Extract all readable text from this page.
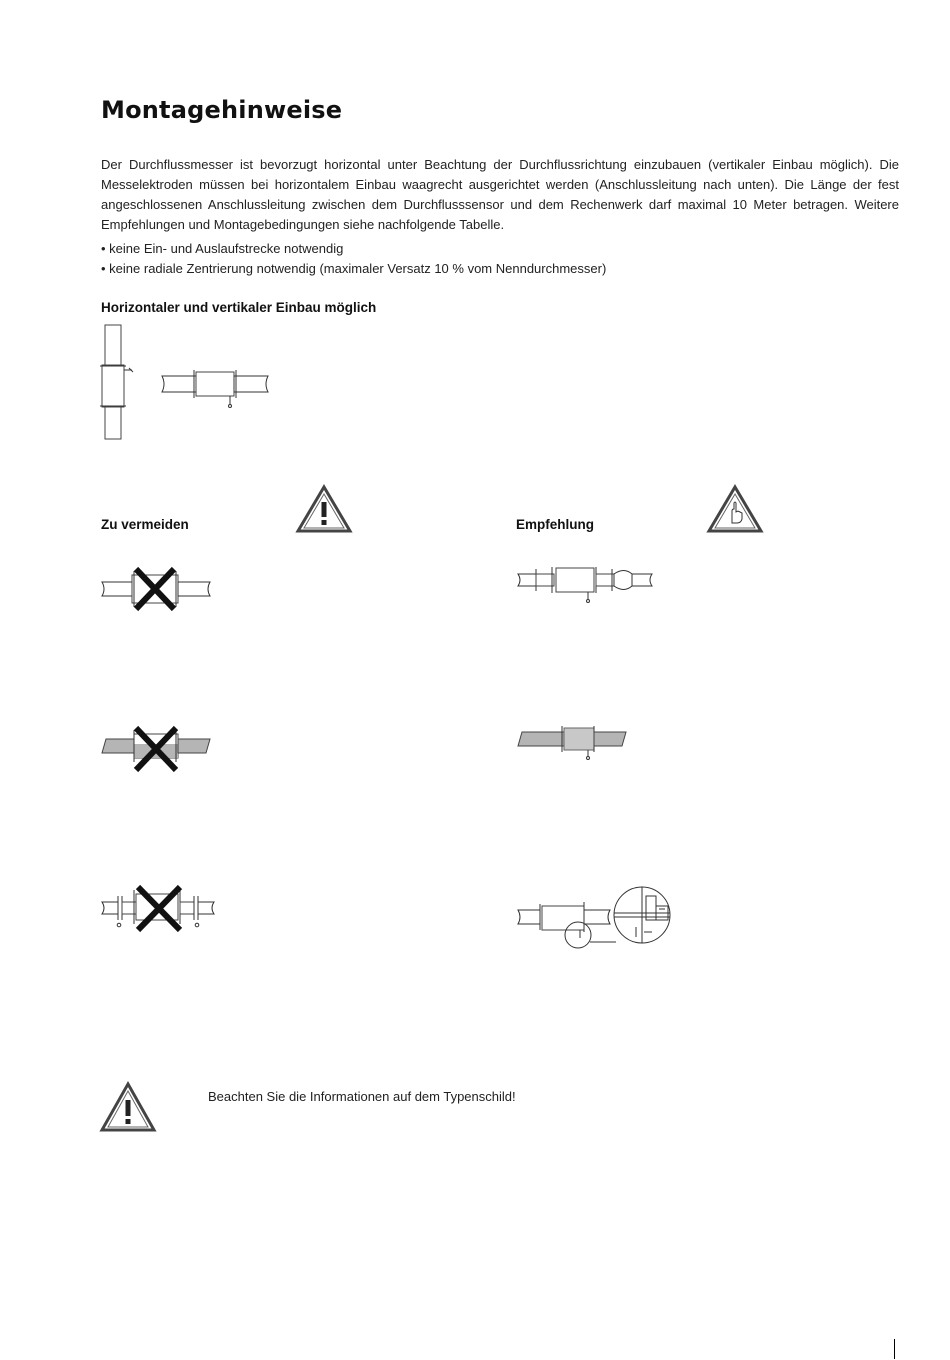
Montagehinweise

Der Durchflussmesser ist bevorzugt horizontal unter Beachtung der Durchflussrichtung einzubauen (vertikaler Einbau möglich). Die Messelektroden müssen bei horizontalem Einbau waagrecht ausgerichtet werden (Anschlussleitung nach unten). Die Länge der fest angeschlossenen Anschlussleitung zwischen dem Durchflusssensor und dem Rechenwerk darf maximal 10 Meter betragen. Weitere Empfehlungen und Montagebedingungen siehe nachfolgende Tabelle.

• keine Ein- und Auslaufstrecke notwendig
• keine radiale Zentrierung notwendig (maximaler Versatz 10 % vom Nenndurchmesser)
Horizontaler und vertikaler Einbau möglich
Zu vermeiden	Empfehlung

Beachten Sie die Informationen auf dem Typenschild!
